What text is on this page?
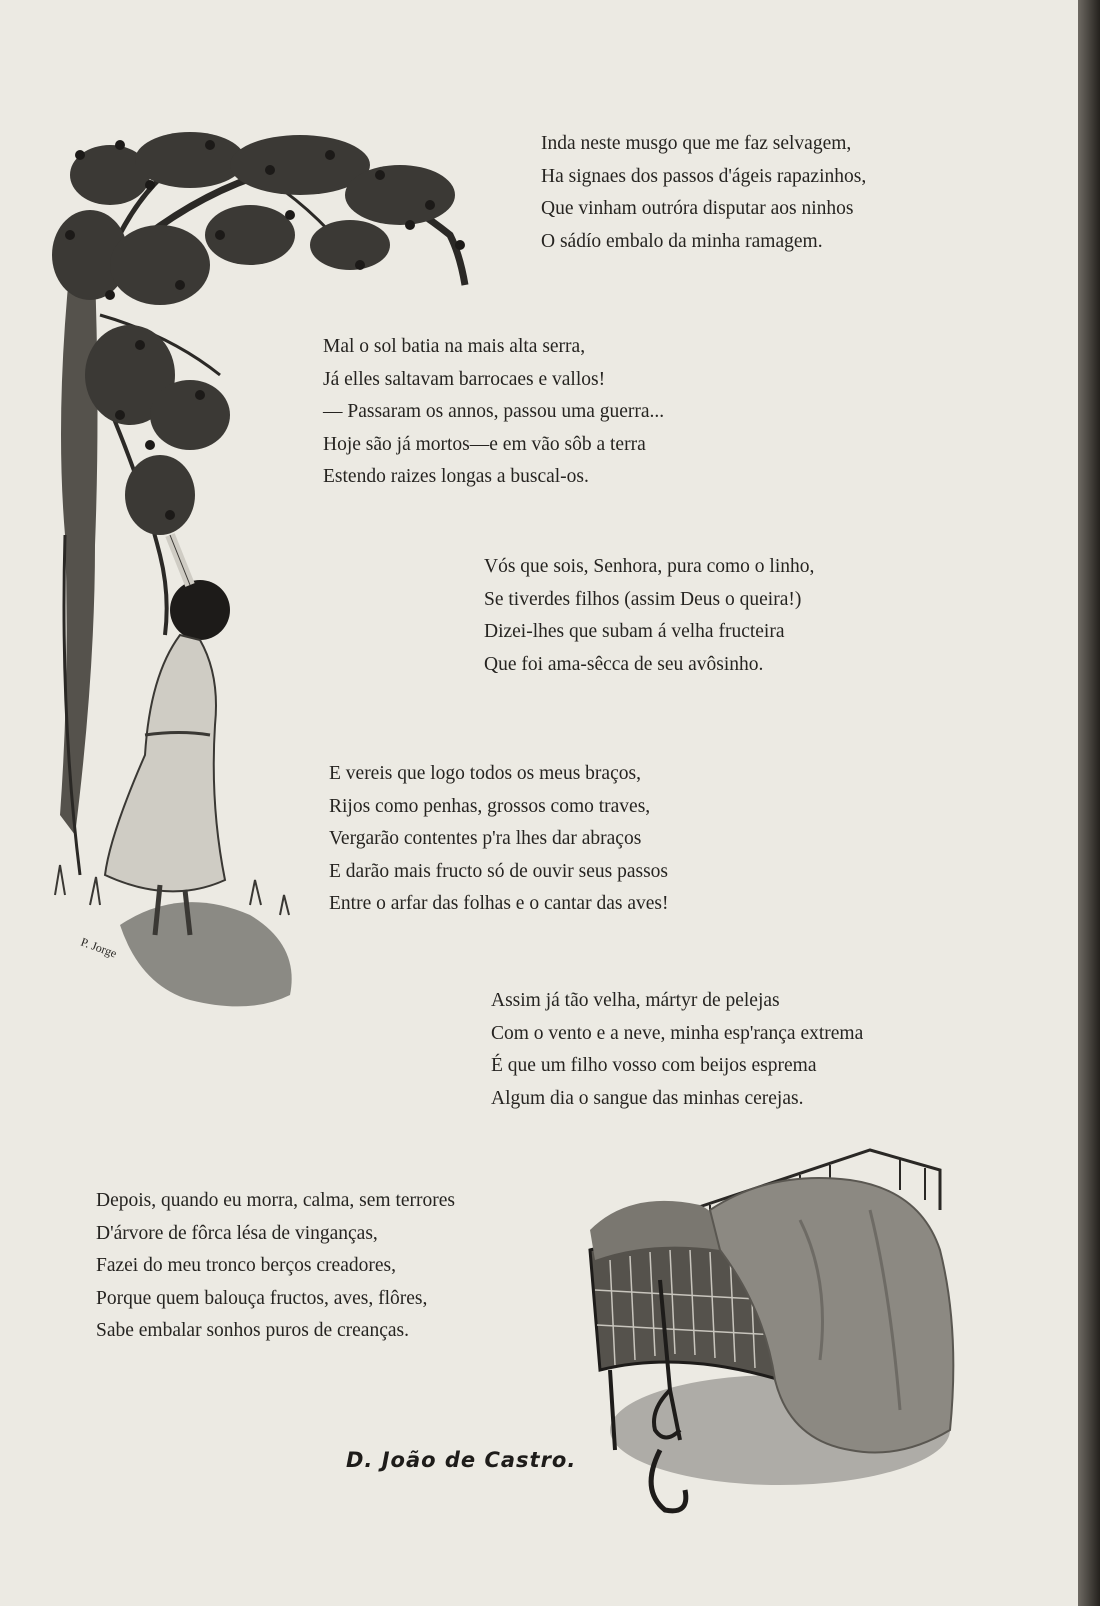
P. Jorge
Inda neste musgo que me faz selvagem,
Ha signaes dos passos d'ágeis rapazinhos,
Que vinham outróra disputar aos ninhos
O sádío embalo da minha ramagem.
Mal o sol batia na mais alta serra,
Já elles saltavam barrocaes e vallos!
— Passaram os annos, passou uma guerra...
Hoje são já mortos—e em vão sôb a terra
Estendo raizes longas a buscal-os.
Vós que sois, Senhora, pura como o linho,
Se tiverdes filhos (assim Deus o queira!)
Dizei-lhes que subam á velha fructeira
Que foi ama-sêcca de seu avôsinho.
E vereis que logo todos os meus braços,
Rijos como penhas, grossos como traves,
Vergarão contentes p'ra lhes dar abraços
E darão mais fructo só de ouvir seus passos
Entre o arfar das folhas e o cantar das aves!
Assim já tão velha, mártyr de pelejas
Com o vento e a neve, minha esp'rança extrema
É que um filho vosso com beijos esprema
Algum dia o sangue das minhas cerejas.
Depois, quando eu morra, calma, sem terrores
D'árvore de fôrca lésa de vinganças,
Fazei do meu tronco berços creadores,
Porque quem balouça fructos, aves, flôres,
Sabe embalar sonhos puros de creanças.
D. João de Castro.
